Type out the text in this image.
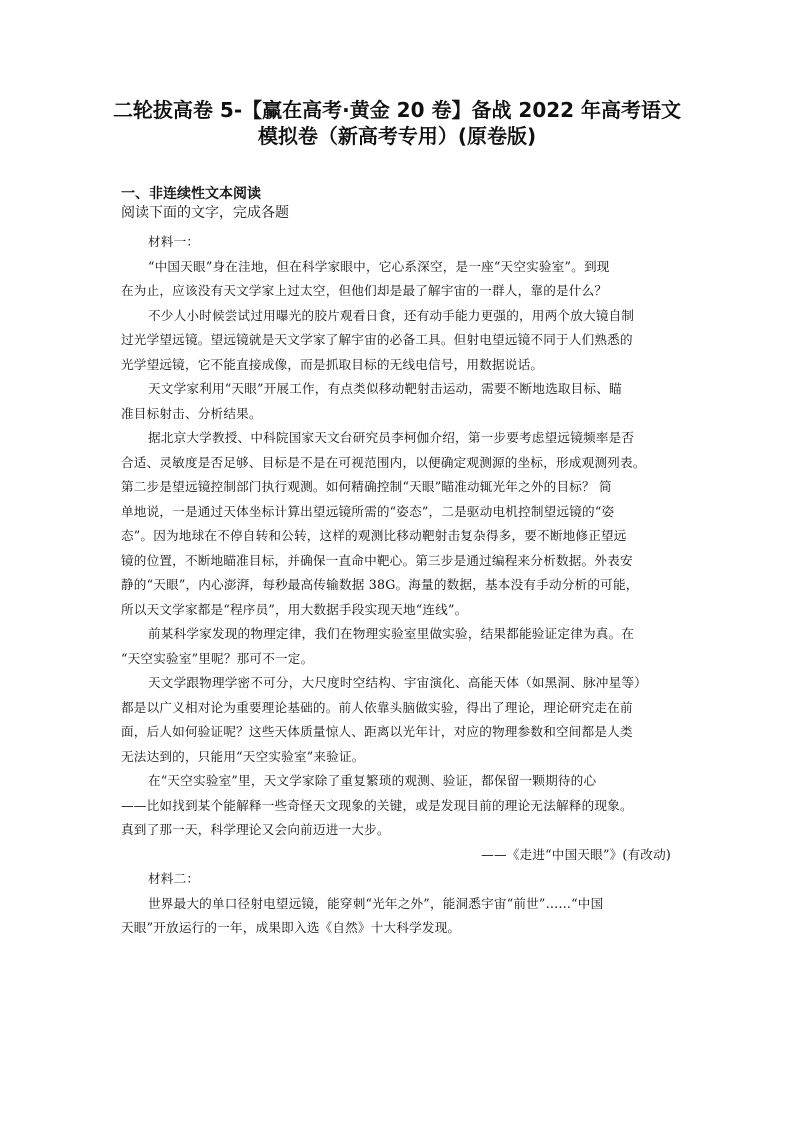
二轮拔高卷 5-【赢在高考·黄金 20 卷】备战 2022 年高考语文
模拟卷（新高考专用）(原卷版)
一、非连续性文本阅读
阅读下面的文字，完成各题
材料一：
“中国天眼”身在洼地，但在科学家眼中，它心系深空，是一座“天空实验室”。到现
在为止，应该没有天文学家上过太空，但他们却是最了解宇宙的一群人，靠的是什么？
不少人小时候尝试过用曝光的胶片观看日食，还有动手能力更强的，用两个放大镜自制
过光学望远镜。望远镜就是天文学家了解宇宙的必备工具。但射电望远镜不同于人们熟悉的
光学望远镜，它不能直接成像，而是抓取目标的无线电信号，用数据说话。
天文学家利用“天眼”开展工作，有点类似移动靶射击运动，需要不断地选取目标、瞄
准目标射击、分析结果。
据北京大学教授、中科院国家天文台研究员李柯伽介绍，第一步要考虑望远镜频率是否
合适、灵敏度是否足够、目标是不是在可视范围内，以便确定观测源的坐标，形成观测列表。
第二步是望远镜控制部门执行观测。如何精确控制“天眼”瞄准动辄光年之外的目标？ 简
单地说，一是通过天体坐标计算出望远镜所需的“姿态”，二是驱动电机控制望远镜的“姿
态”。因为地球在不停自转和公转，这样的观测比移动靶射击复杂得多，要不断地修正望远
镜的位置，不断地瞄准目标，并确保一直命中靶心。第三步是通过编程来分析数据。外表安
静的“天眼”，内心澎湃，每秒最高传输数据 38G。海量的数据，基本没有手动分析的可能，
所以天文学家都是“程序员”，用大数据手段实现天地“连线”。
前某科学家发现的物理定律，我们在物理实验室里做实验，结果都能验证定律为真。在
“天空实验室”里呢？那可不一定。
天文学跟物理学密不可分，大尺度时空结构、宇宙演化、高能天体（如黑洞、脉冲星等）
都是以广义相对论为重要理论基础的。前人依靠头脑做实验，得出了理论，理论研究走在前
面，后人如何验证呢？这些天体质量惊人、距离以光年计，对应的物理参数和空间都是人类
无法达到的，只能用“天空实验室”来验证。
在“天空实验室”里，天文学家除了重复繁琐的观测、验证，都保留一颗期待的心
——比如找到某个能解释一些奇怪天文现象的关键，或是发现目前的理论无法解释的现象。
真到了那一天，科学理论又会向前迈进一大步。
——《走进“中国天眼”》(有改动)
材料二：
世界最大的单口径射电望远镜，能穿刺“光年之外”，能洞悉宇宙“前世”……“中国
天眼”开放运行的一年，成果即入选《自然》十大科学发现。
